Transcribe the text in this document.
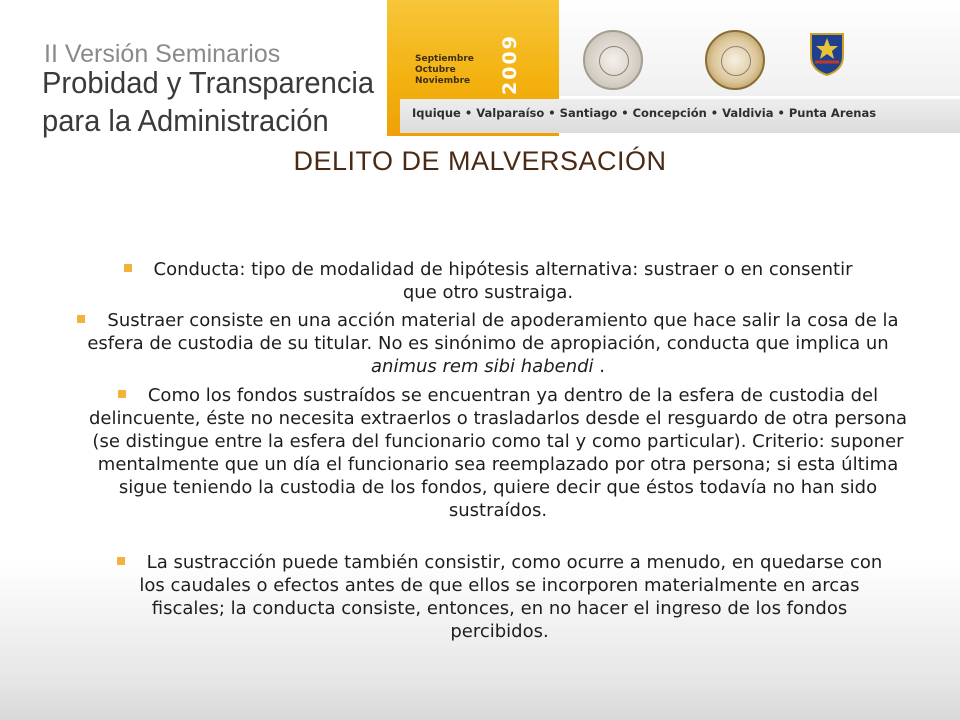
II Versión Seminarios
Probidad y Transparencia
para la Administración
Septiembre
Octubre
Noviembre 2009
Iquique • Valparaíso • Santiago • Concepción • Valdivia • Punta Arenas
DELITO DE MALVERSACIÓN
Conducta: tipo de modalidad de hipótesis alternativa: sustraer o en consentir que otro sustraiga.
Sustraer consiste en una acción material de apoderamiento que hace salir la cosa de la esfera de custodia de su titular. No es sinónimo de apropiación, conducta que implica un animus rem sibi habendi .
Como los fondos sustraídos se encuentran ya dentro de la esfera de custodia del delincuente, éste no necesita extraerlos o trasladarlos desde el resguardo de otra persona (se distingue entre la esfera del funcionario como tal y como particular). Criterio: suponer mentalmente que un día el funcionario sea reemplazado por otra persona; si esta última sigue teniendo la custodia de los fondos, quiere decir que éstos todavía no han sido sustraídos.
La sustracción puede también consistir, como ocurre a menudo, en quedarse con los caudales o efectos antes de que ellos se incorporen materialmente en arcas fiscales; la conducta consiste, entonces, en no hacer el ingreso de los fondos percibidos.
